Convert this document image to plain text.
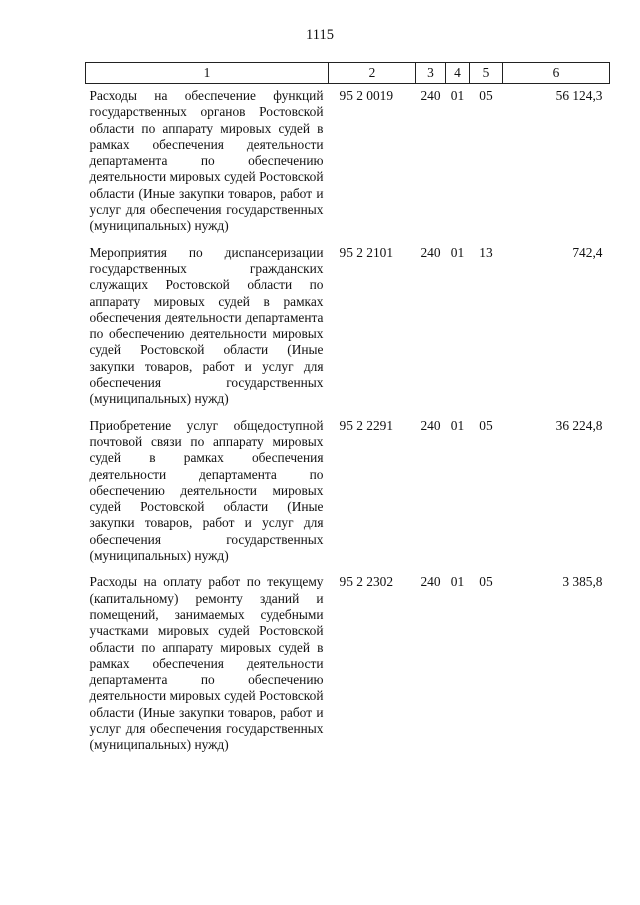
1115
1	2	3	4	5	6
Расходы на обеспечение функций государственных органов Ростовской области по аппарату мировых судей в рамках обеспечения деятельности департамента по обеспечению деятельности мировых судей Ростовской области (Иные закупки товаров, работ и услуг для обеспечения государственных (муниципальных) нужд)	95 2 0019	240	01	05	56 124,3
Мероприятия по диспансеризации государственных гражданских служащих Ростовской области по аппарату мировых судей в рамках обеспечения деятельности департамента по обеспечению деятельности мировых судей Ростовской области (Иные закупки товаров, работ и услуг для обеспечения государственных (муниципальных) нужд)	95 2 2101	240	01	13	742,4
Приобретение услуг общедоступной почтовой связи по аппарату мировых судей в рамках обеспечения деятельности департамента по обеспечению деятельности мировых судей Ростовской области (Иные закупки товаров, работ и услуг для обеспечения государственных (муниципальных) нужд)	95 2 2291	240	01	05	36 224,8
Расходы на оплату работ по текущему (капитальному) ремонту зданий и помещений, занимаемых судебными участками мировых судей Ростовской области по аппарату мировых судей в рамках обеспечения деятельности департамента по обеспечению деятельности мировых судей Ростовской области (Иные закупки товаров, работ и услуг для обеспечения государственных (муниципальных) нужд)	95 2 2302	240	01	05	3 385,8
